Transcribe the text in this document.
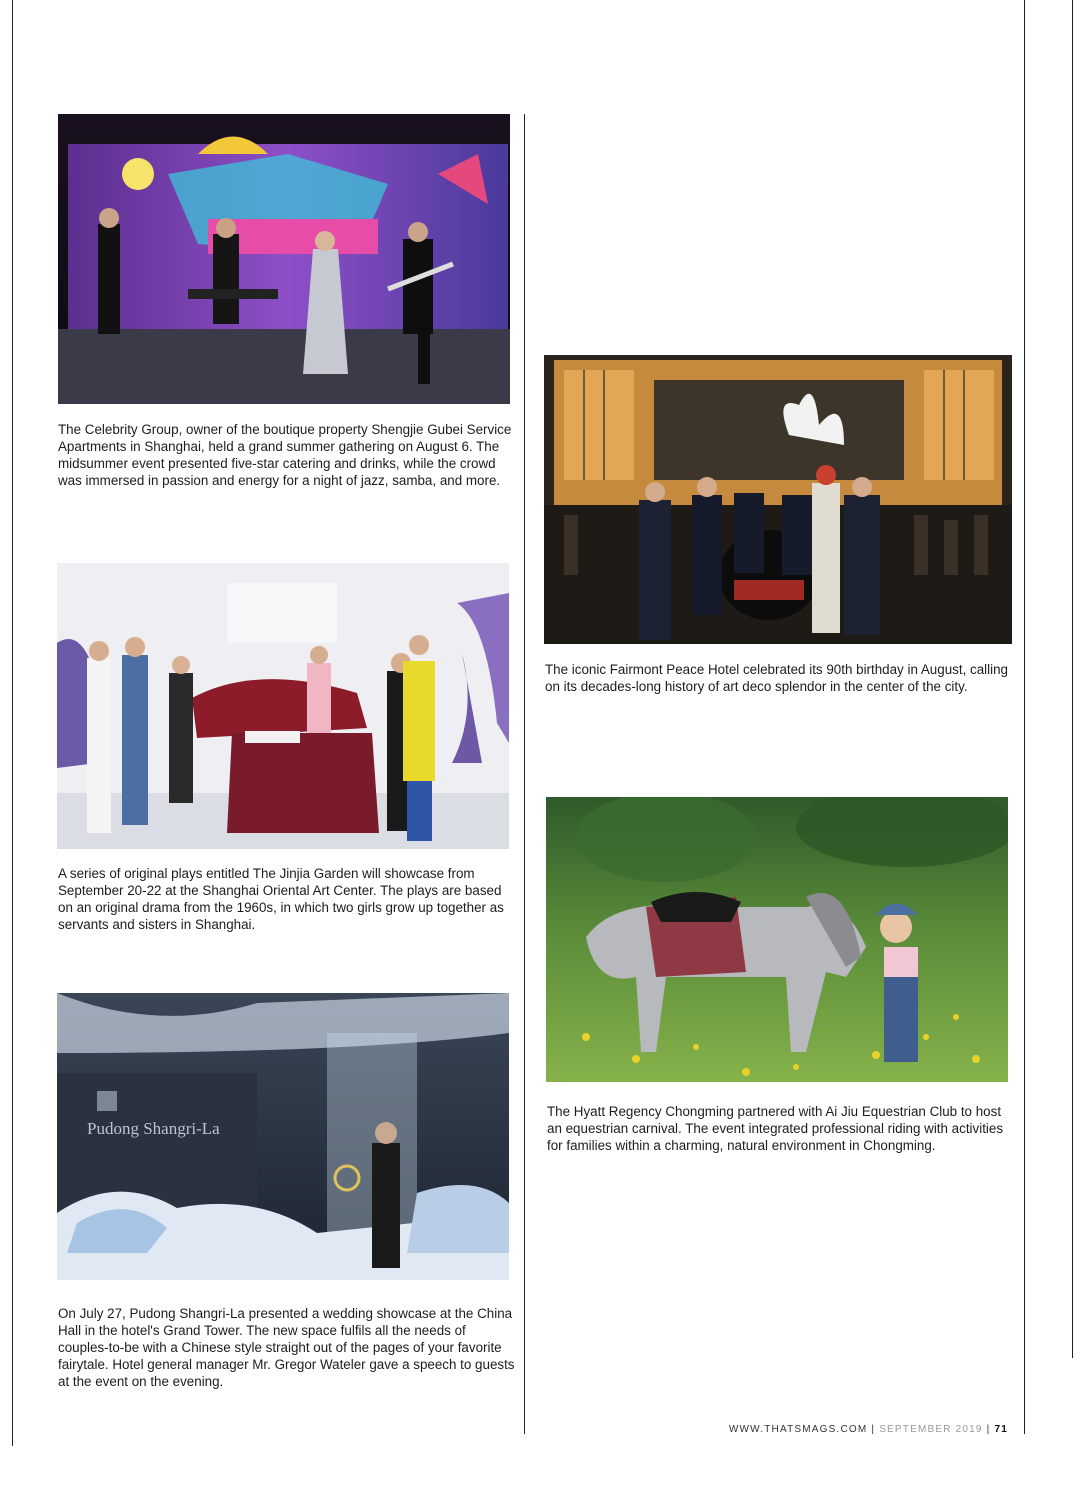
The Celebrity Group, owner of the boutique property Shengjie Gubei Service Apartments in Shanghai, held a grand summer gathering on August 6. The midsummer event presented five-star catering and drinks, while the crowd was immersed in passion and energy for a night of jazz, samba, and more.

A series of original plays entitled The Jinjia Garden will showcase from September 20-22 at the Shanghai Oriental Art Center. The plays are based on an original drama from the 1960s, in which two girls grow up together as servants and sisters in Shanghai.

Pudong Shangri-La

On July 27, Pudong Shangri-La presented a wedding showcase at the China Hall in the hotel's Grand Tower. The new space fulfils all the needs of couples-to-be with a Chinese style straight out of the pages of your favorite fairytale. Hotel general manager Mr. Gregor Wateler gave a speech to guests at the event on the evening.

The iconic Fairmont Peace Hotel celebrated its 90th birthday in August, calling on its decades-long history of art deco splendor in the center of the city.

The Hyatt Regency Chongming partnered with Ai Jiu Equestrian Club to host an equestrian carnival. The event integrated professional riding with activities for families within a charming, natural environment in Chongming.

WWW.THATSMAGS.COM | SEPTEMBER 2019 | 71
